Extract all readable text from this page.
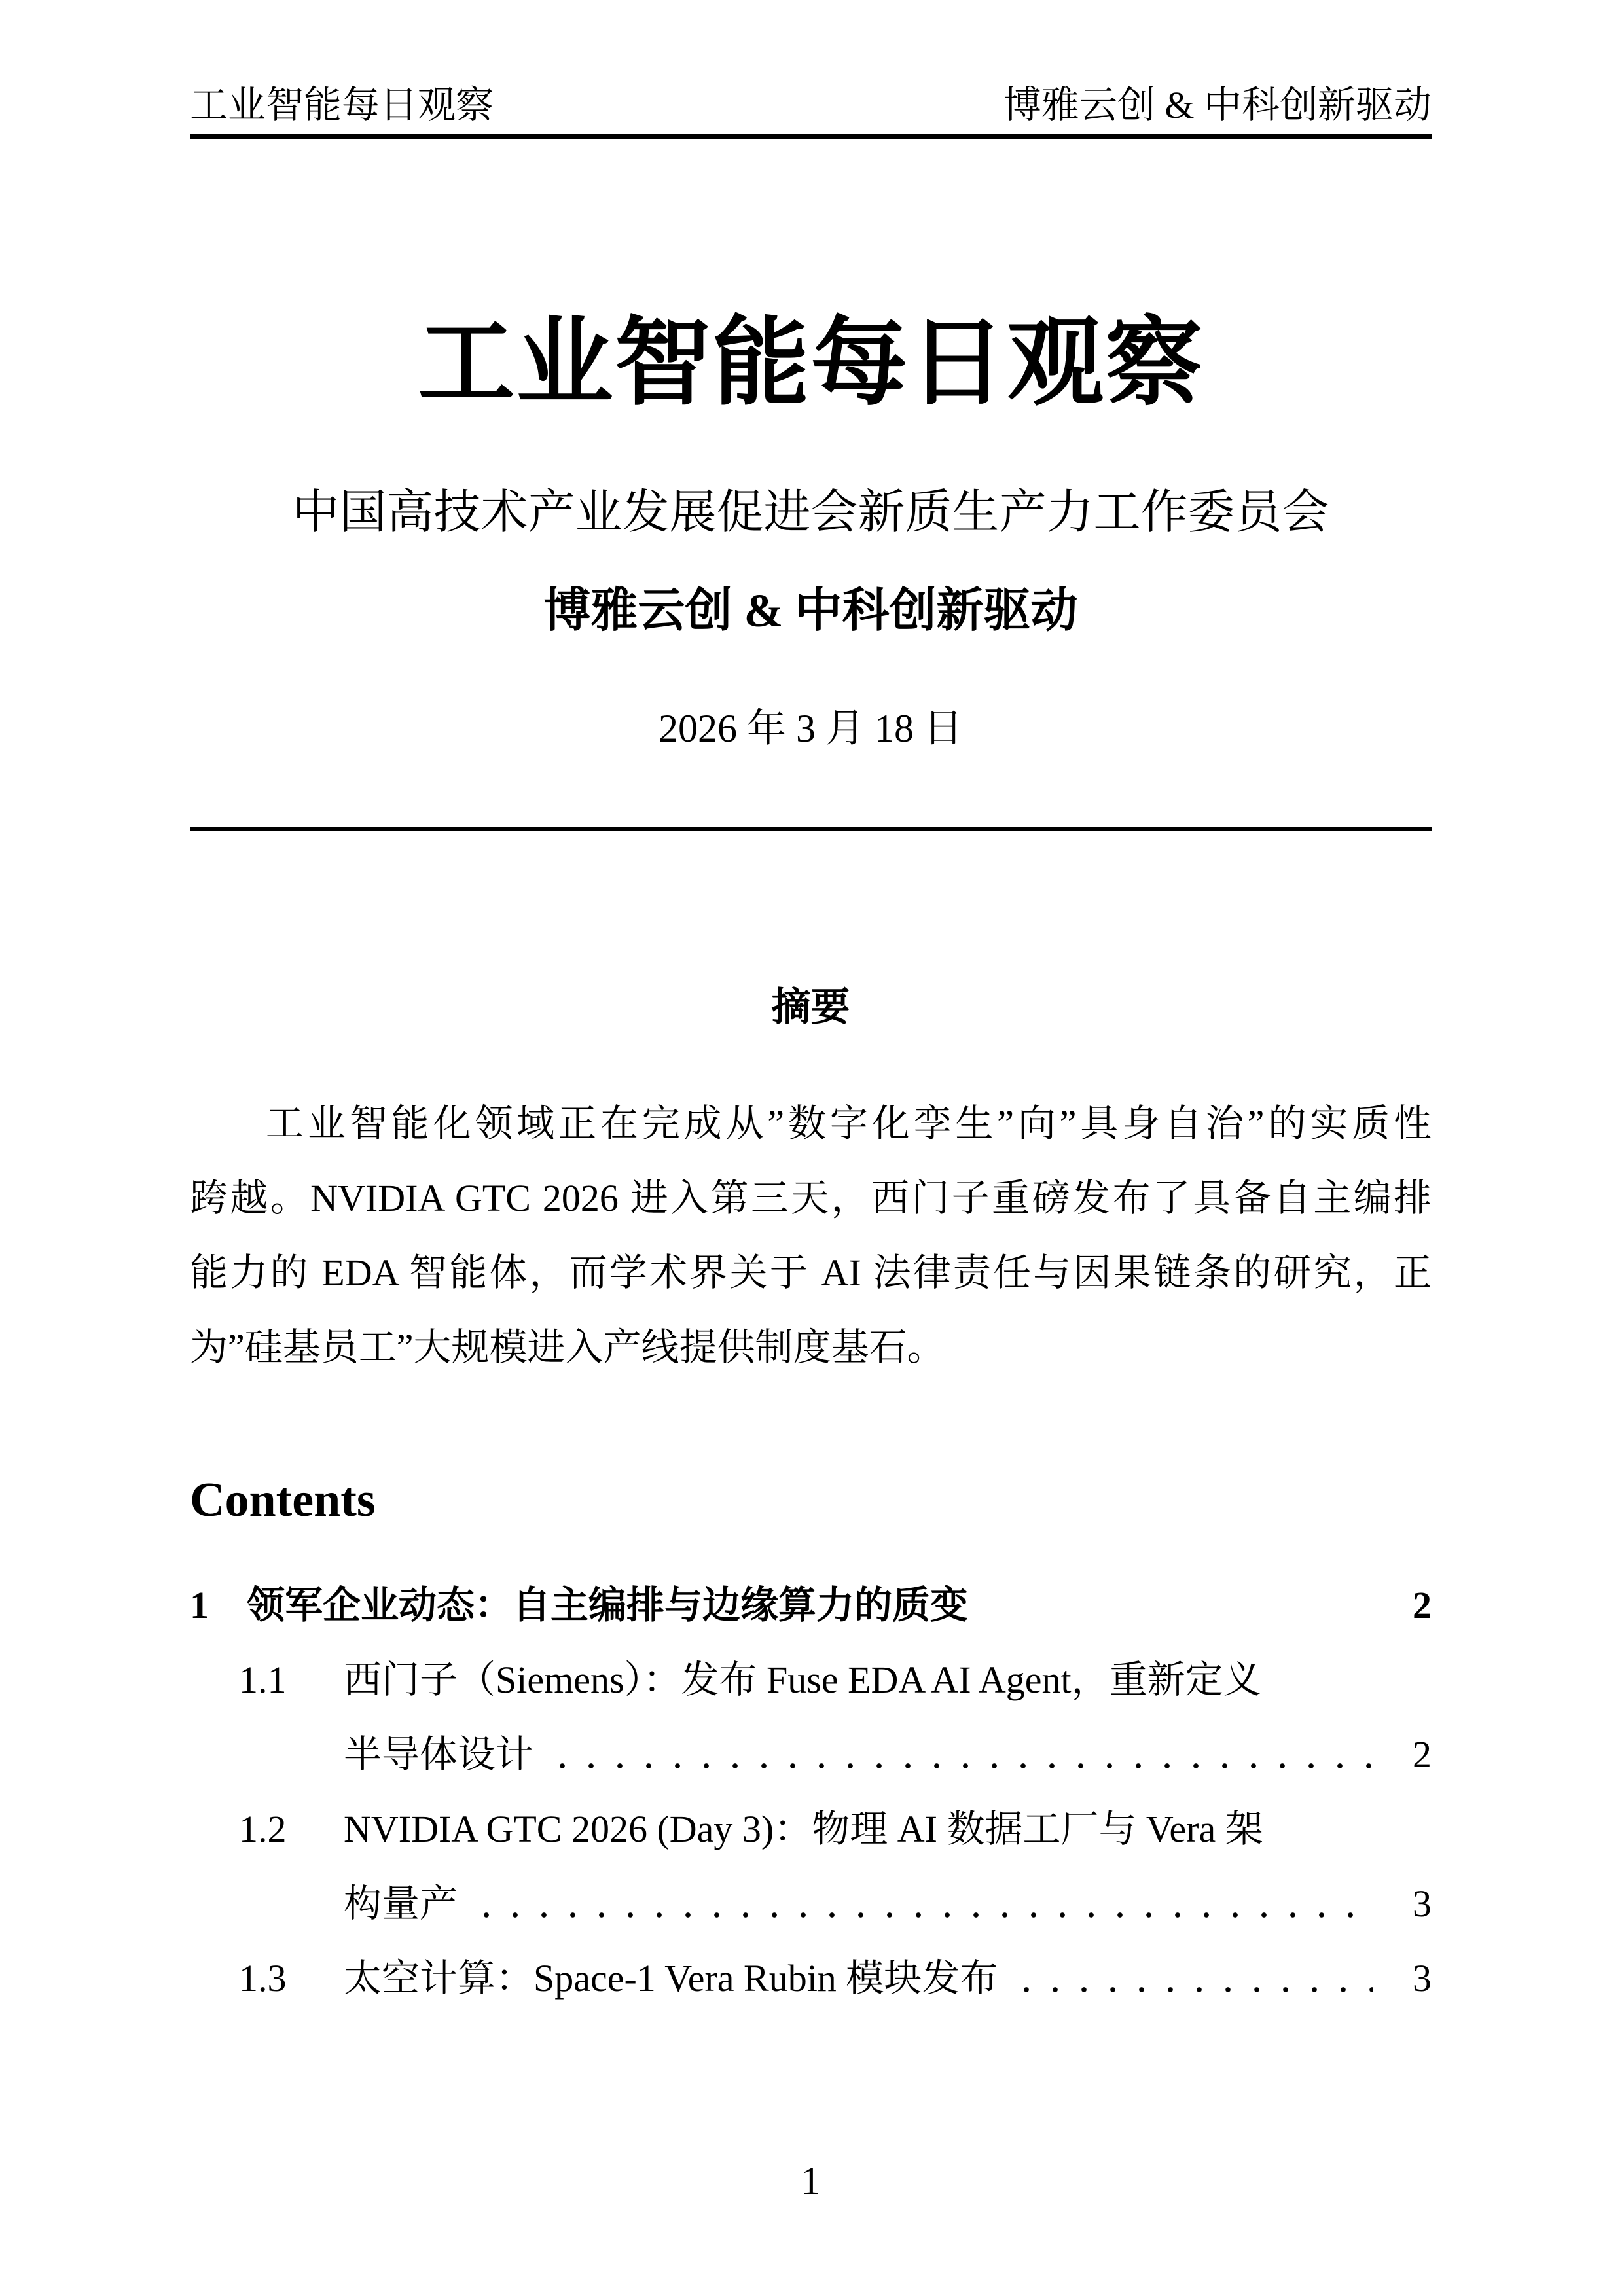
工业智能每日观察	博雅云创 & 中科创新驱动
工业智能每日观察
中国高技术产业发展促进会新质生产力工作委员会
博雅云创 & 中科创新驱动
2026 年 3 月 18 日
摘要
工业智能化领域正在完成从”数字化孪生”向”具身自治”的实质性
跨越。NVIDIA GTC 2026 进入第三天，西门子重磅发布了具备自主编排
能力的 EDA 智能体，而学术界关于 AI 法律责任与因果链条的研究，正
为”硅基员工”大规模进入产线提供制度基石。
Contents
1	领军企业动态：自主编排与边缘算力的质变	2
1.1	西门子（Siemens）：发布 Fuse EDA AI Agent，重新定义
半导体设计	2
1.2	NVIDIA GTC 2026 (Day 3)：物理 AI 数据工厂与 Vera 架
构量产	3
1.3	太空计算：Space-1 Vera Rubin 模块发布	3
1
